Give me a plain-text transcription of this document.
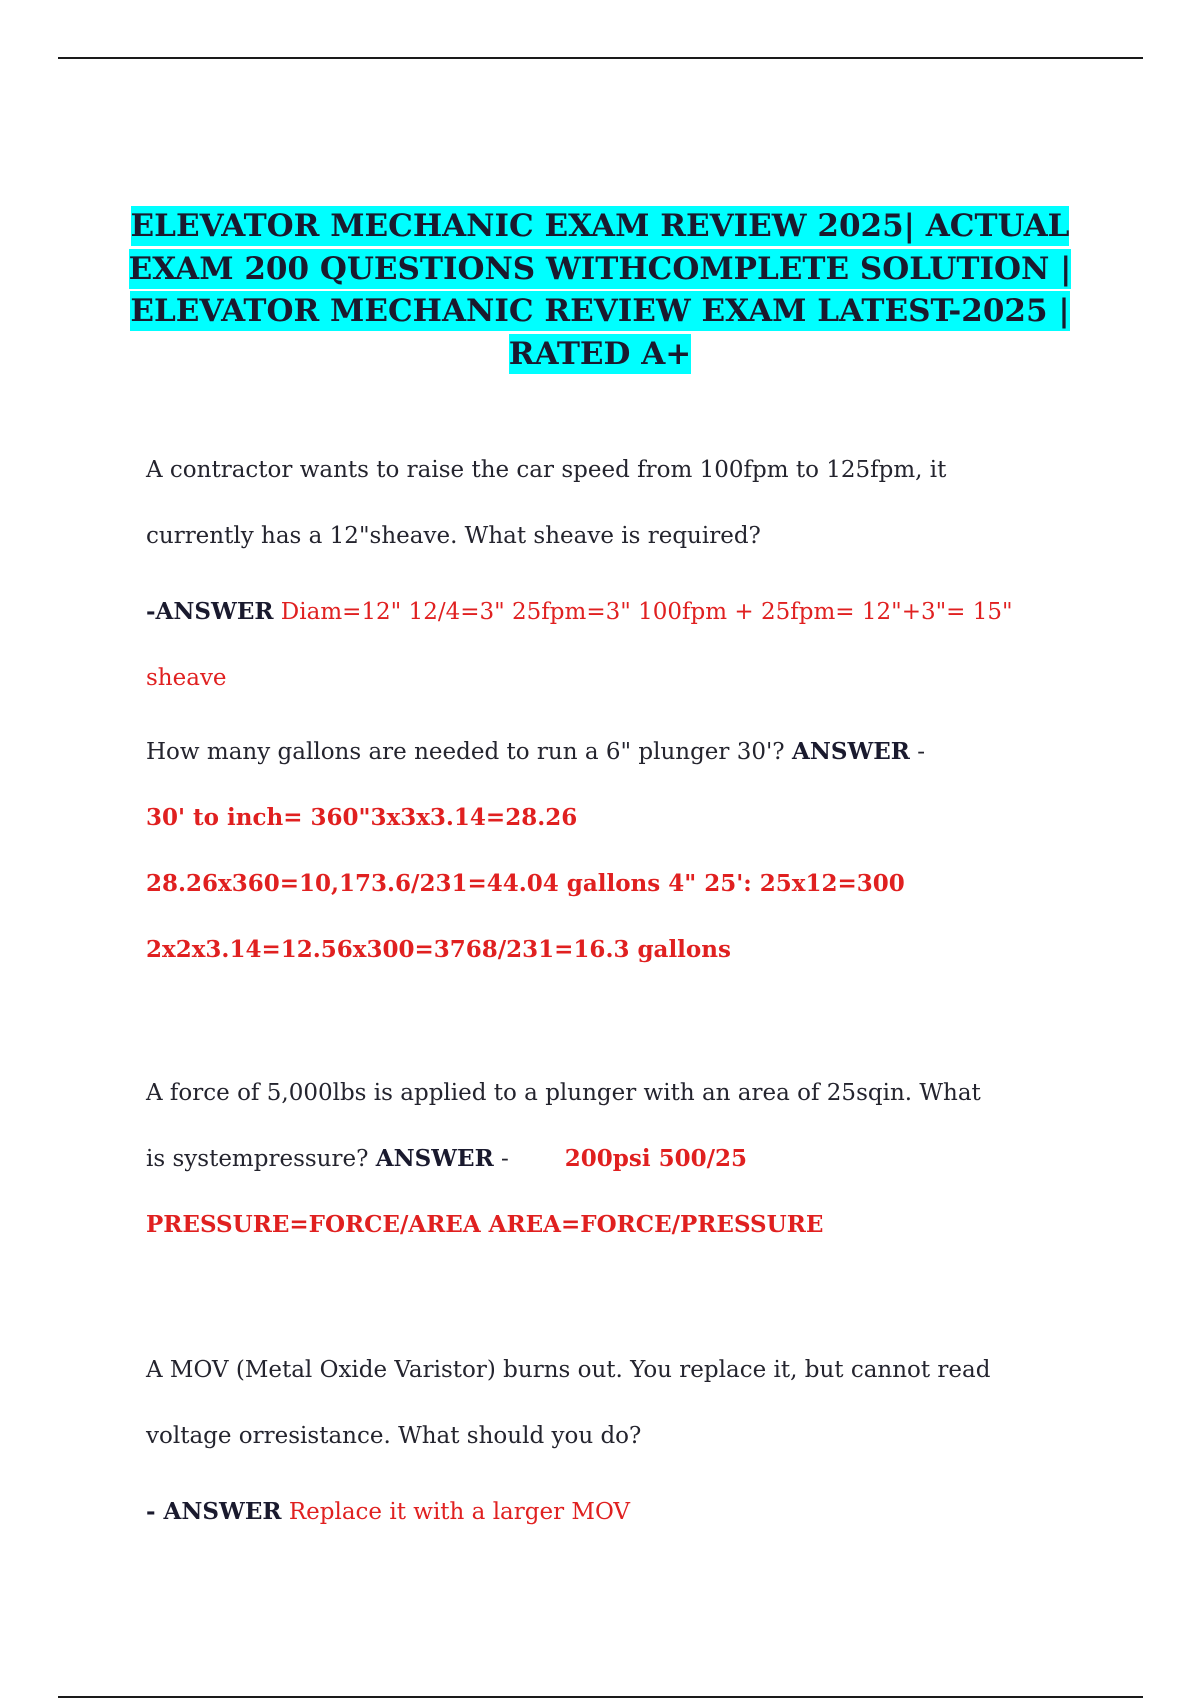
ELEVATOR MECHANIC EXAM REVIEW 2025| ACTUAL
EXAM 200 QUESTIONS WITHCOMPLETE SOLUTION |
ELEVATOR MECHANIC REVIEW EXAM LATEST-2025 |
RATED A+
A contractor wants to raise the car speed from 100fpm to 125fpm, it
currently has a 12"sheave. What sheave is required?
-ANSWER Diam=12" 12/4=3" 25fpm=3" 100fpm + 25fpm= 12"+3"= 15"
sheave
How many gallons are needed to run a 6" plunger 30'? ANSWER -
30' to inch= 360"3x3x3.14=28.26
28.26x360=10,173.6/231=44.04 gallons 4" 25': 25x12=300
2x2x3.14=12.56x300=3768/231=16.3 gallons
A force of 5,000lbs is applied to a plunger with an area of 25sqin. What
is systempressure? ANSWER - 200psi 500/25
PRESSURE=FORCE/AREA AREA=FORCE/PRESSURE
A MOV (Metal Oxide Varistor) burns out. You replace it, but cannot read
voltage orresistance. What should you do?
- ANSWER Replace it with a larger MOV
